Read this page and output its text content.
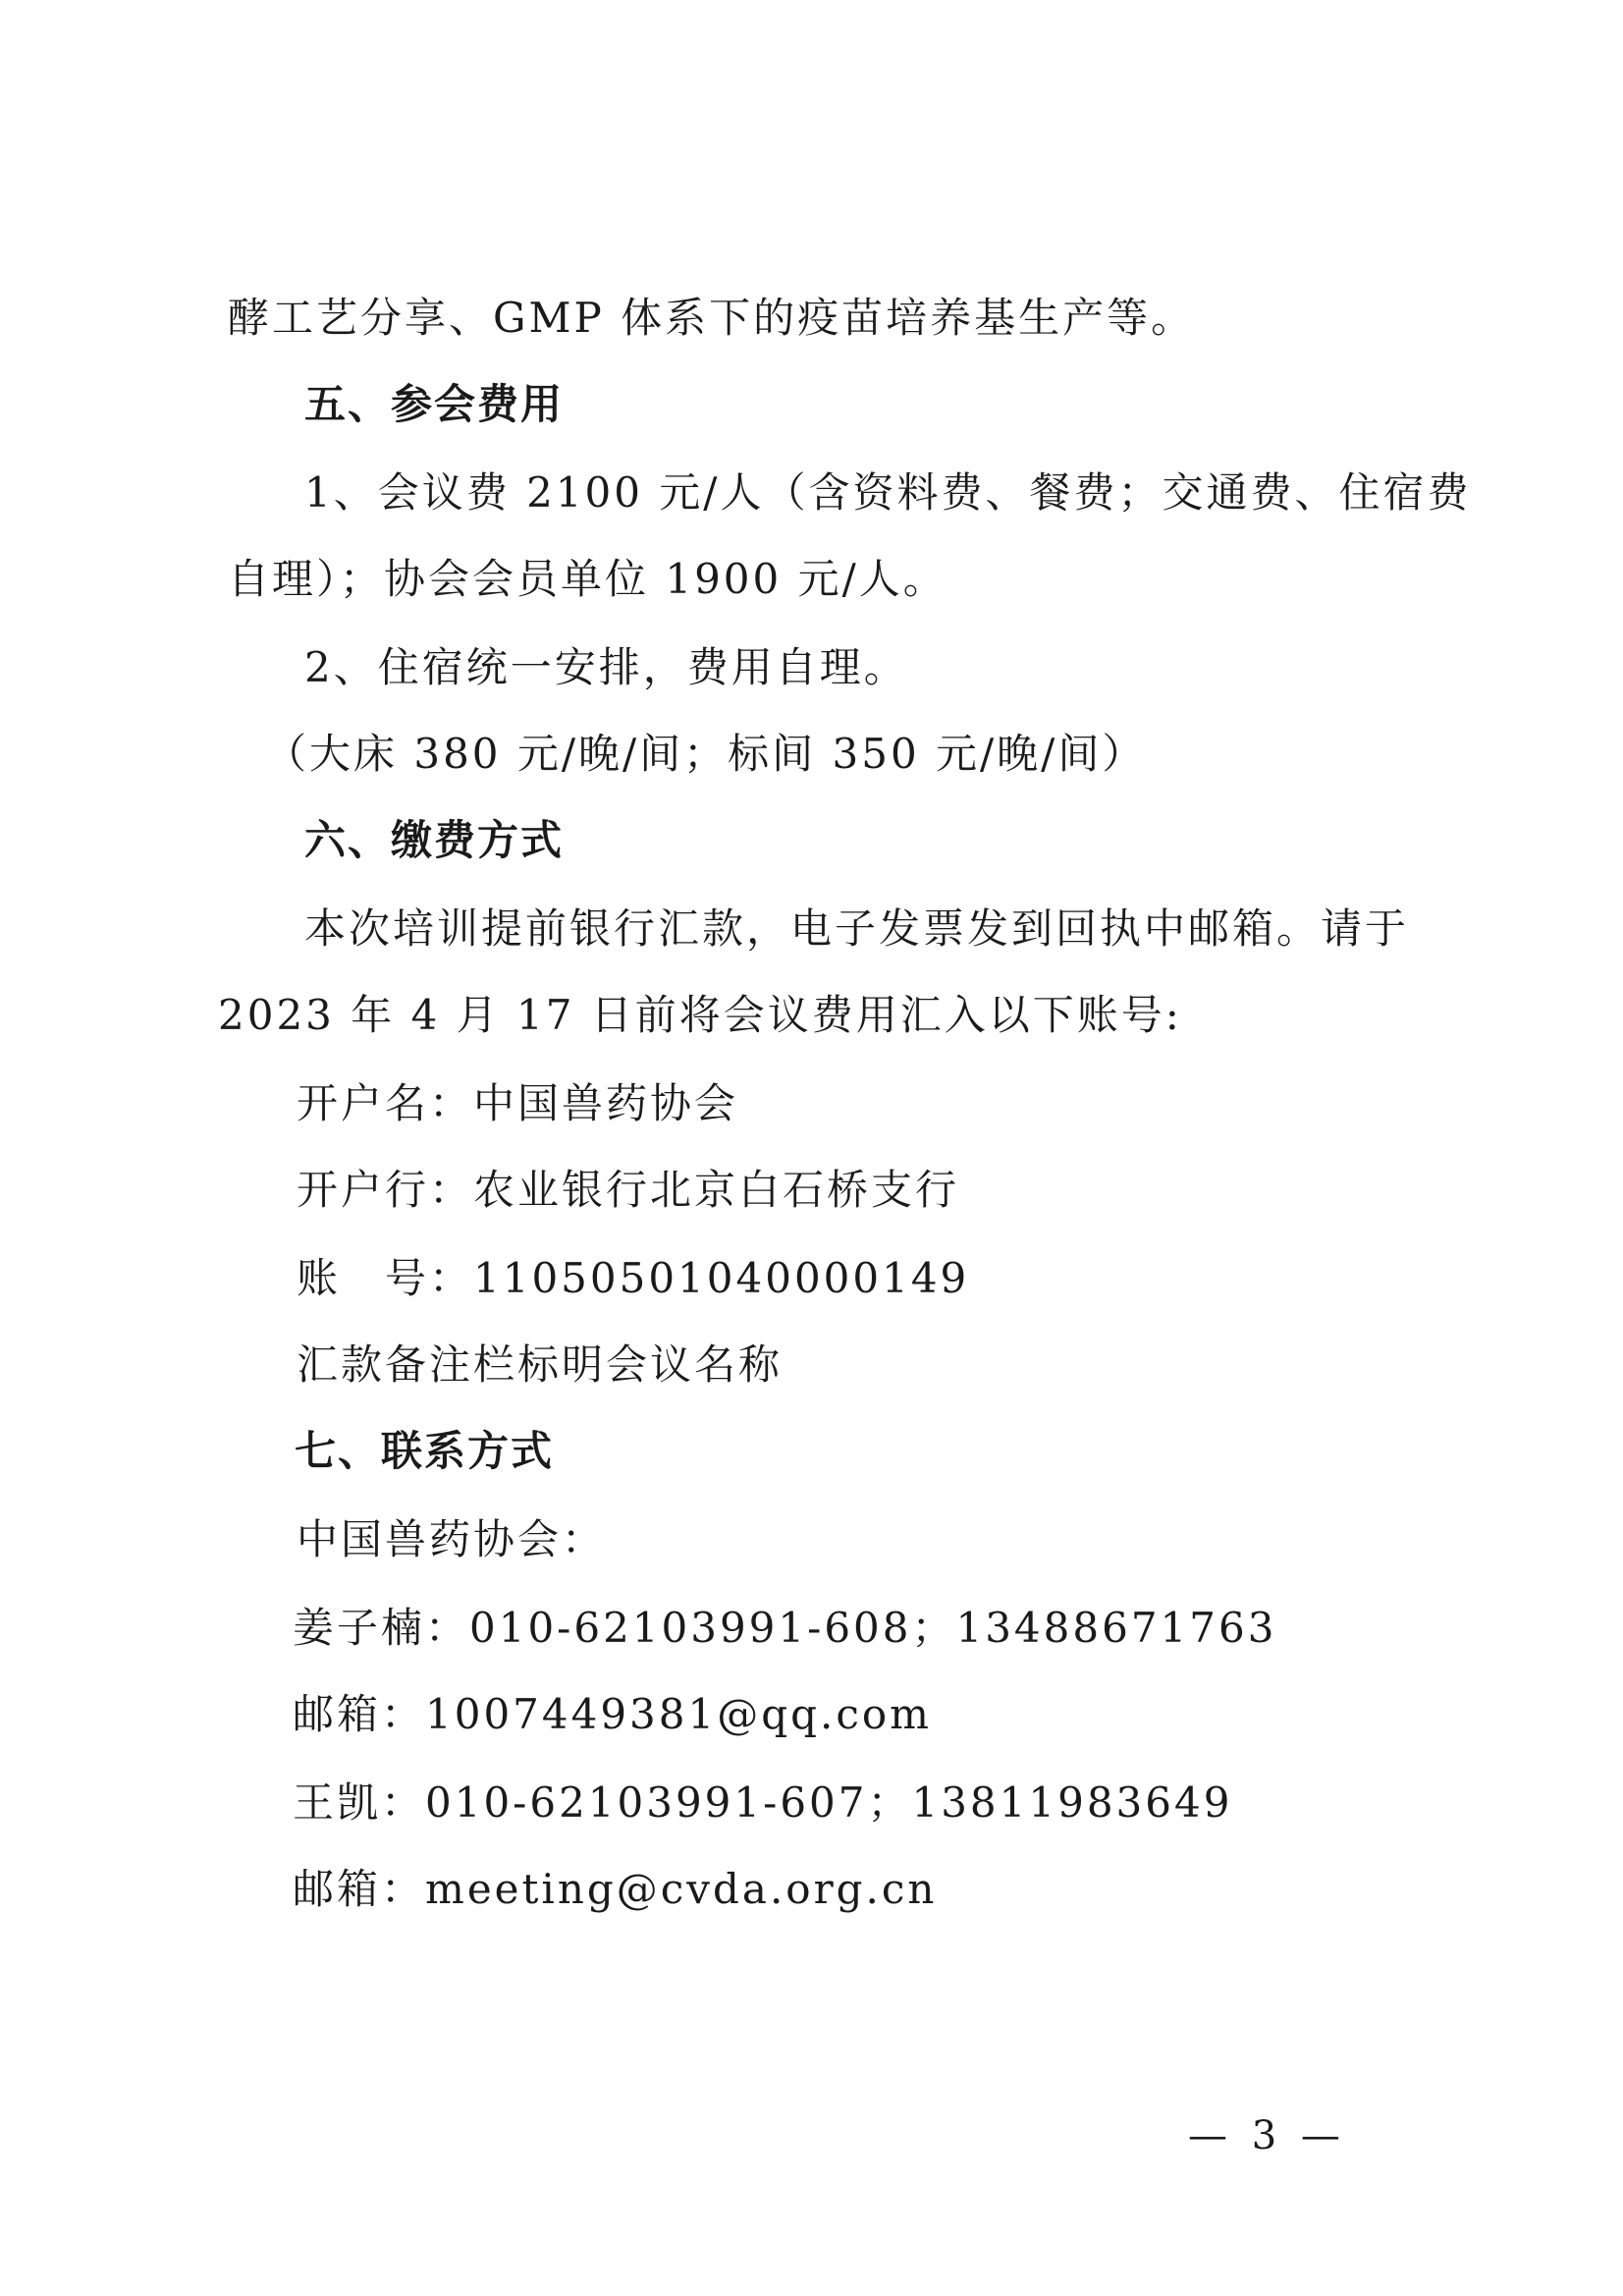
酵工艺分享、GMP 体系下的疫苗培养基生产等。
五、参会费用
1、会议费 2100 元/人（含资料费、餐费；交通费、住宿费
自理）；协会会员单位 1900 元/人。
2、住宿统一安排，费用自理。
（大床 380 元/晚/间；标间 350 元/晚/间）
六、缴费方式
本次培训提前银行汇款，电子发票发到回执中邮箱。请于
2023 年 4 月 17 日前将会议费用汇入以下账号:
开户名：中国兽药协会
开户行：农业银行北京白石桥支行
账　号：11050501040000149
汇款备注栏标明会议名称
七、联系方式
中国兽药协会：
姜子楠：010-62103991-608；13488671763
邮箱：1007449381@qq.com
王凯：010-62103991-607；13811983649
邮箱：meeting@cvda.org.cn
— 3 —
